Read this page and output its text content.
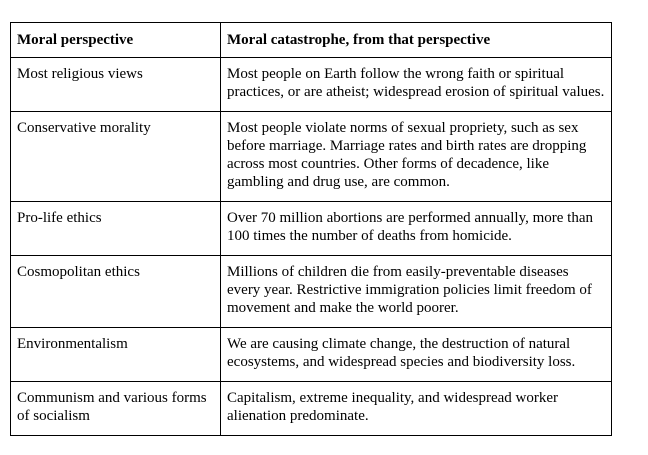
Moral perspective	Moral catastrophe, from that perspective
Most religious views	Most people on Earth follow the wrong faith or spiritual practices, or are atheist; widespread erosion of spiritual values.
Conservative morality	Most people violate norms of sexual propriety, such as sex before marriage. Marriage rates and birth rates are dropping across most countries. Other forms of decadence, like gambling and drug use, are common.
Pro-life ethics	Over 70 million abortions are performed annually, more than 100 times the number of deaths from homicide.
Cosmopolitan ethics	Millions of children die from easily-preventable diseases every year. Restrictive immigration policies limit freedom of movement and make the world poorer.
Environmentalism	We are causing climate change, the destruction of natural ecosystems, and widespread species and biodiversity loss.
Communism and various forms of socialism	Capitalism, extreme inequality, and widespread worker alienation predominate.
